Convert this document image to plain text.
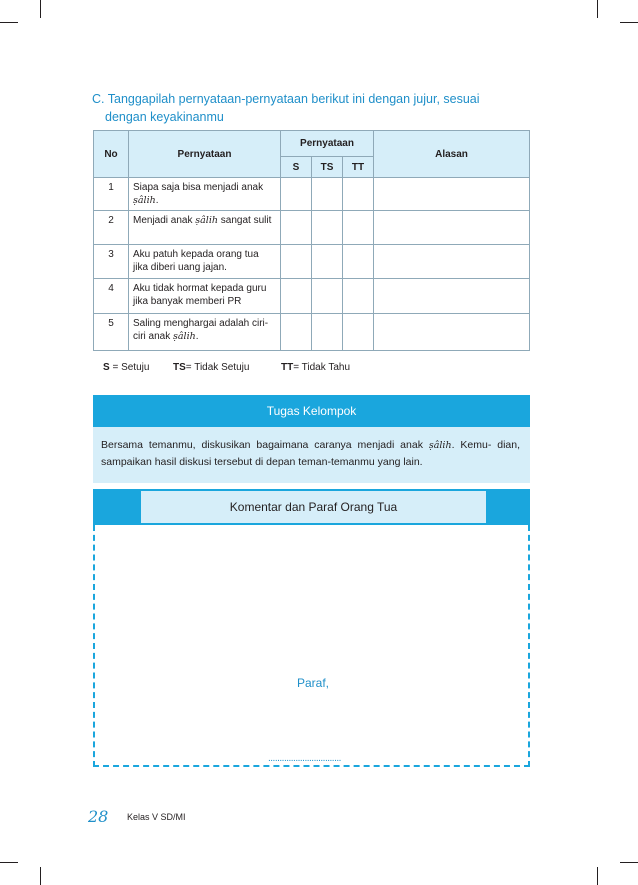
C. Tanggapilah pernyataan-pernyataan berikut ini dengan jujur, sesuai
dengan keyakinanmu
No	Pernyataan	Pernyataan			Alasan
		S	TS	TT	
1	Siapa saja bisa menjadi anak
ṣâlih.				
2	Menjadi anak ṣâlih sangat sulit				
3	Aku patuh kepada orang tua jika diberi uang jajan.				
4	Aku tidak hormat kepada guru jika banyak memberi PR				
5	Saling menghargai adalah ciri-ciri anak ṣâlih.				
S = Setuju TS= Tidak Setuju	TT= Tidak Tahu
Tugas Kelompok
Bersama temanmu, diskusikan bagaimana caranya menjadi anak ṣâlih. Kemu- dian, sampaikan hasil diskusi tersebut di depan teman-temanmu yang lain.
Komentar dan Paraf Orang Tua
Paraf,
................................
28 Kelas V SD/MI
